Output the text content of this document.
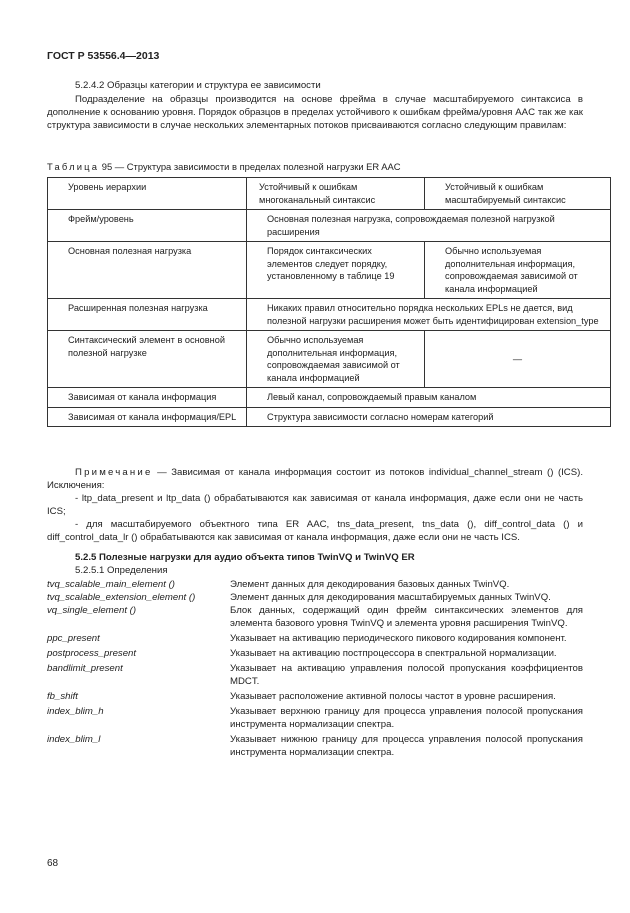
ГОСТ Р 53556.4—2013
5.2.4.2 Образцы категории и структура ее зависимости

Подразделение на образцы производится на основе фрейма в случае масштабируемого синтаксиса в дополнение к основанию уровня. Порядок образцов в пределах устойчивого к ошибкам фрейма/уровня AAC так же как структура зависимости в случае нескольких элементарных потоков присваиваются согласно следующим правилам:

Таблица 95 — Структура зависимости в пределах полезной нагрузки ER AAC
Уровень иерархии	Устойчивый к ошибкам многоканальный синтаксис	Устойчивый к ошибкам масштабируемый синтаксис
Фрейм/уровень	Основная полезная нагрузка, сопровождаемая полезной нагрузкой расширения	
Основная полезная нагрузка	Порядок синтаксических элементов следует порядку, установленному в таблице 19	Обычно используемая дополнительная информация, сопровождаемая зависимой от канала информацией
Расширенная полезная нагрузка	Никаких правил относительно порядка нескольких EPLs не дается, вид полезной нагрузки расширения может быть идентифицирован extension_type	
Синтаксический элемент в основной полезной нагрузке	Обычно используемая дополнительная информация, сопровождаемая зависимой от канала информацией	—
Зависимая от канала информация	Левый канал, сопровождаемый правым каналом	
Зависимая от канала информация/EPL	Структура зависимости согласно номерам категорий	
Примечание — Зависимая от канала информация состоит из потоков individual_channel_stream () (ICS). Исключения:
- ltp_data_present и ltp_data () обрабатываются как зависимая от канала информация, даже если они не часть ICS;
- для масштабируемого объектного типа ER AAC, tns_data_present, tns_data (), diff_control_data () и diff_control_data_lr () обрабатываются как зависимая от канала информация, даже если они не часть ICS.
5.2.5 Полезные нагрузки для аудио объекта типов TwinVQ и TwinVQ ER
5.2.5.1 Определения
tvq_scalable_main_element ()	Элемент данных для декодирования базовых данных TwinVQ.
tvq_scalable_extension_element ()	Элемент данных для декодирования масштабируемых данных TwinVQ.
vq_single_element ()	Блок данных, содержащий один фрейм синтаксических элементов для элемента базового уровня TwinVQ и элемента уровня расширения TwinVQ.
ppc_present	Указывает на активацию периодического пикового кодирования компонент.
postprocess_present	Указывает на активацию постпроцессора в спектральной нормализации.
bandlimit_present	Указывает на активацию управления полосой пропускания коэффициентов MDCT.
fb_shift	Указывает расположение активной полосы частот в уровне расширения.
index_blim_h	Указывает верхнюю границу для процесса управления полосой пропускания инструмента нормализации спектра.
index_blim_l	Указывает нижнюю границу для процесса управления полосой пропускания инструмента нормализации спектра.
68
